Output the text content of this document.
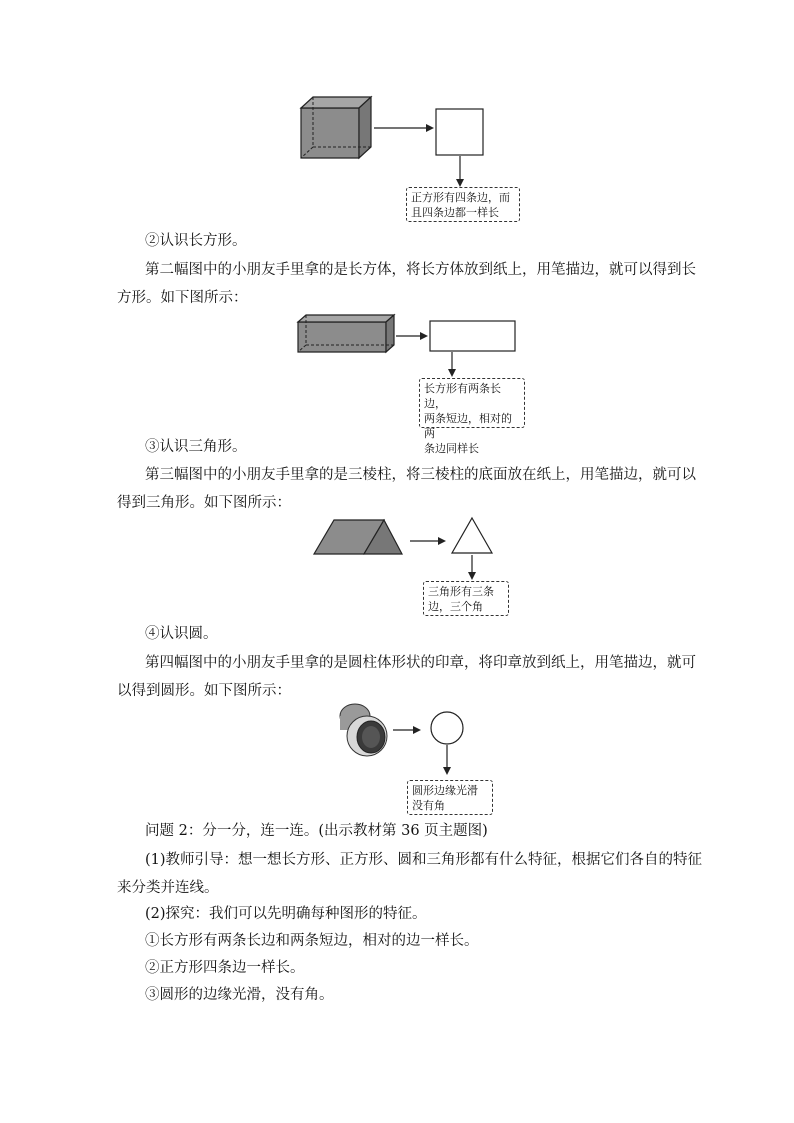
正方形有四条边，而
且四条边都一样长
②认识长方形。
第二幅图中的小朋友手里拿的是长方体，将长方体放到纸上，用笔描边，就可以得到长
方形。如下图所示：
长方形有两条长边，
两条短边，相对的两
条边同样长
③认识三角形。
第三幅图中的小朋友手里拿的是三棱柱，将三棱柱的底面放在纸上，用笔描边，就可以
得到三角形。如下图所示：
三角形有三条
边，三个角
④认识圆。
第四幅图中的小朋友手里拿的是圆柱体形状的印章，将印章放到纸上，用笔描边，就可
以得到圆形。如下图所示：
圆形边缘光滑
没有角
问题 2：分一分，连一连。(出示教材第 36 页主题图)
(1)教师引导：想一想长方形、正方形、圆和三角形都有什么特征，根据它们各自的特征
来分类并连线。
(2)探究：我们可以先明确每种图形的特征。
①长方形有两条长边和两条短边，相对的边一样长。
②正方形四条边一样长。
③圆形的边缘光滑，没有角。
